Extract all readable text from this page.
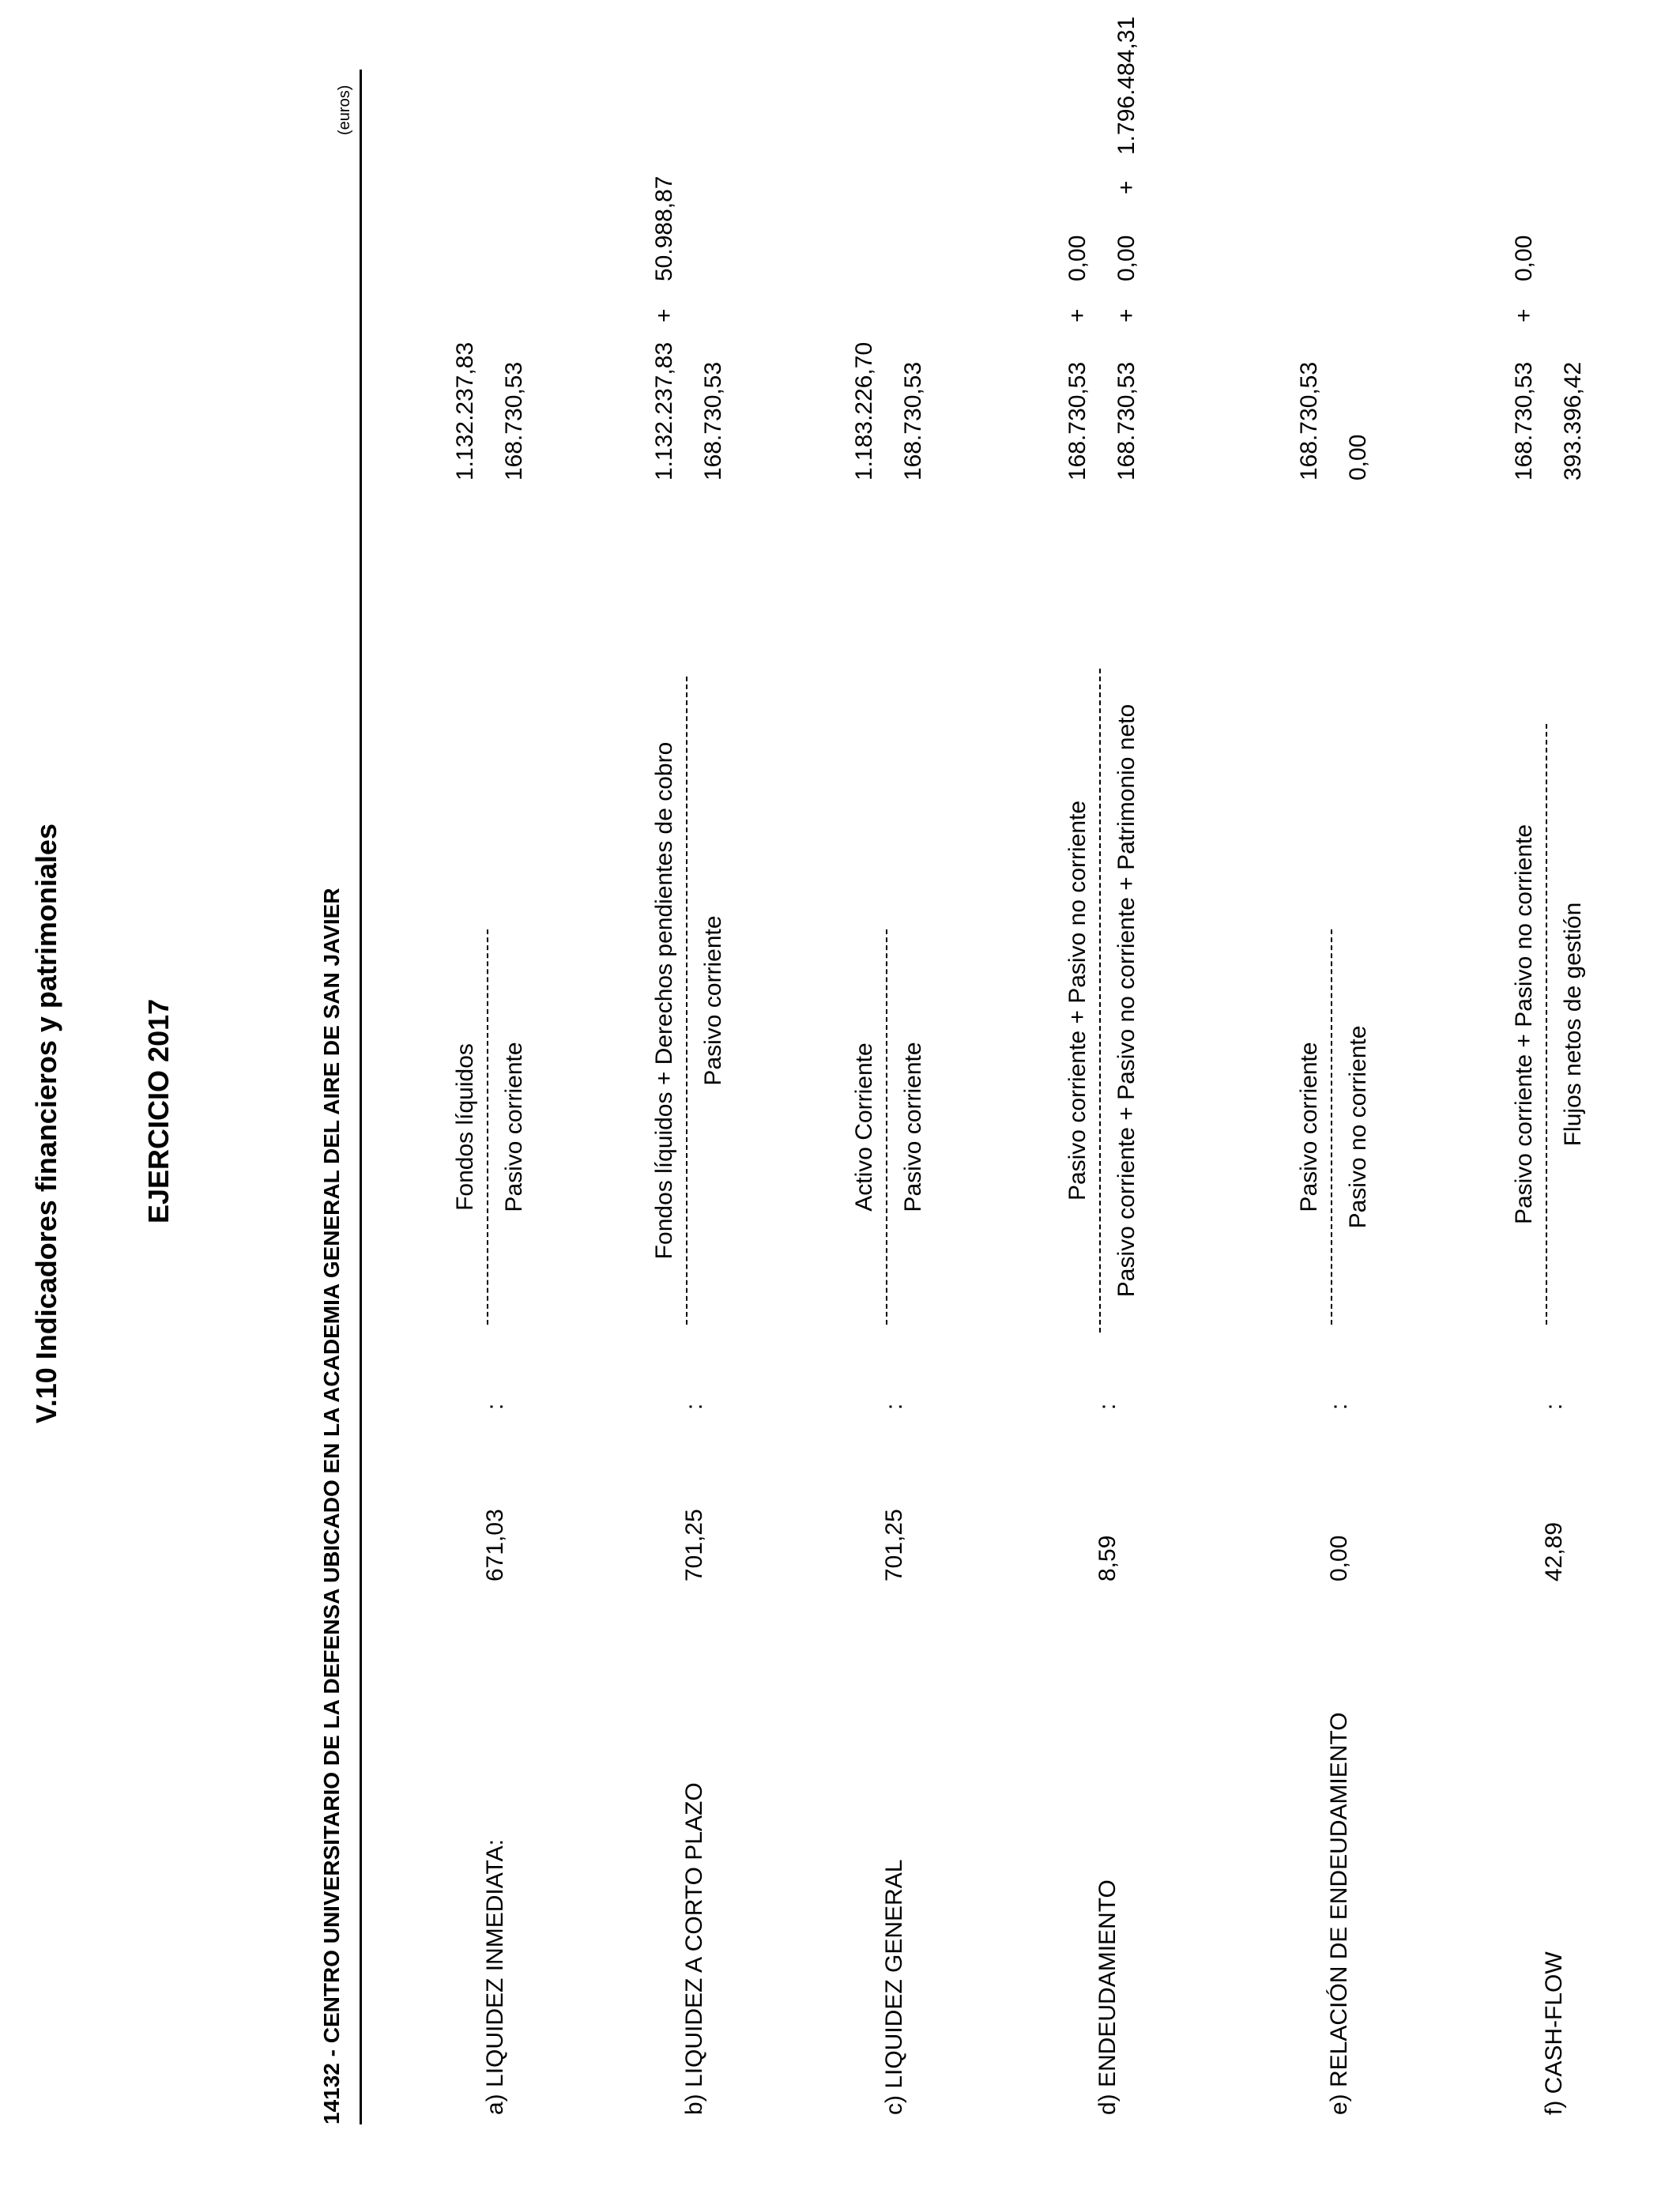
V.10 Indicadores financieros y patrimoniales	EJERCICIO 2017	14132 - CENTRO UNIVERSITARIO DE LA DEFENSA UBICADO EN LA ACADEMIA GENERAL DEL AIRE DE SAN JAVIER
(euros)
a) LIQUIDEZ INMEDIATA:
671,03
:
Fondos líquidos Pasivo corriente
1.132.237,83 168.730,53
b) LIQUIDEZ A CORTO PLAZO
701,25
:
Fondos líquidos + Derechos pendientes de cobro Pasivo corriente
1.132.237,83
+
50.988,87
168.730,53
c) LIQUIDEZ GENERAL
701,25
:
Activo Corriente Pasivo corriente
1.183.226,70 168.730,53
d) ENDEUDAMIENTO
8,59
:
Pasivo corriente + Pasivo no corriente Pasivo corriente + Pasivo no corriente + Patrimonio neto
168.730,53
+
0,00
168.730,53
+
0,00
+
1.796.484,31
e) RELACIÓN DE ENDEUDAMIENTO
0,00
:
Pasivo corriente Pasivo no corriente
168.730,53 0,00
f) CASH-FLOW
42,89
:
Pasivo corriente + Pasivo no corriente Flujos netos de gestión
168.730,53
+
0,00
393.396,42
